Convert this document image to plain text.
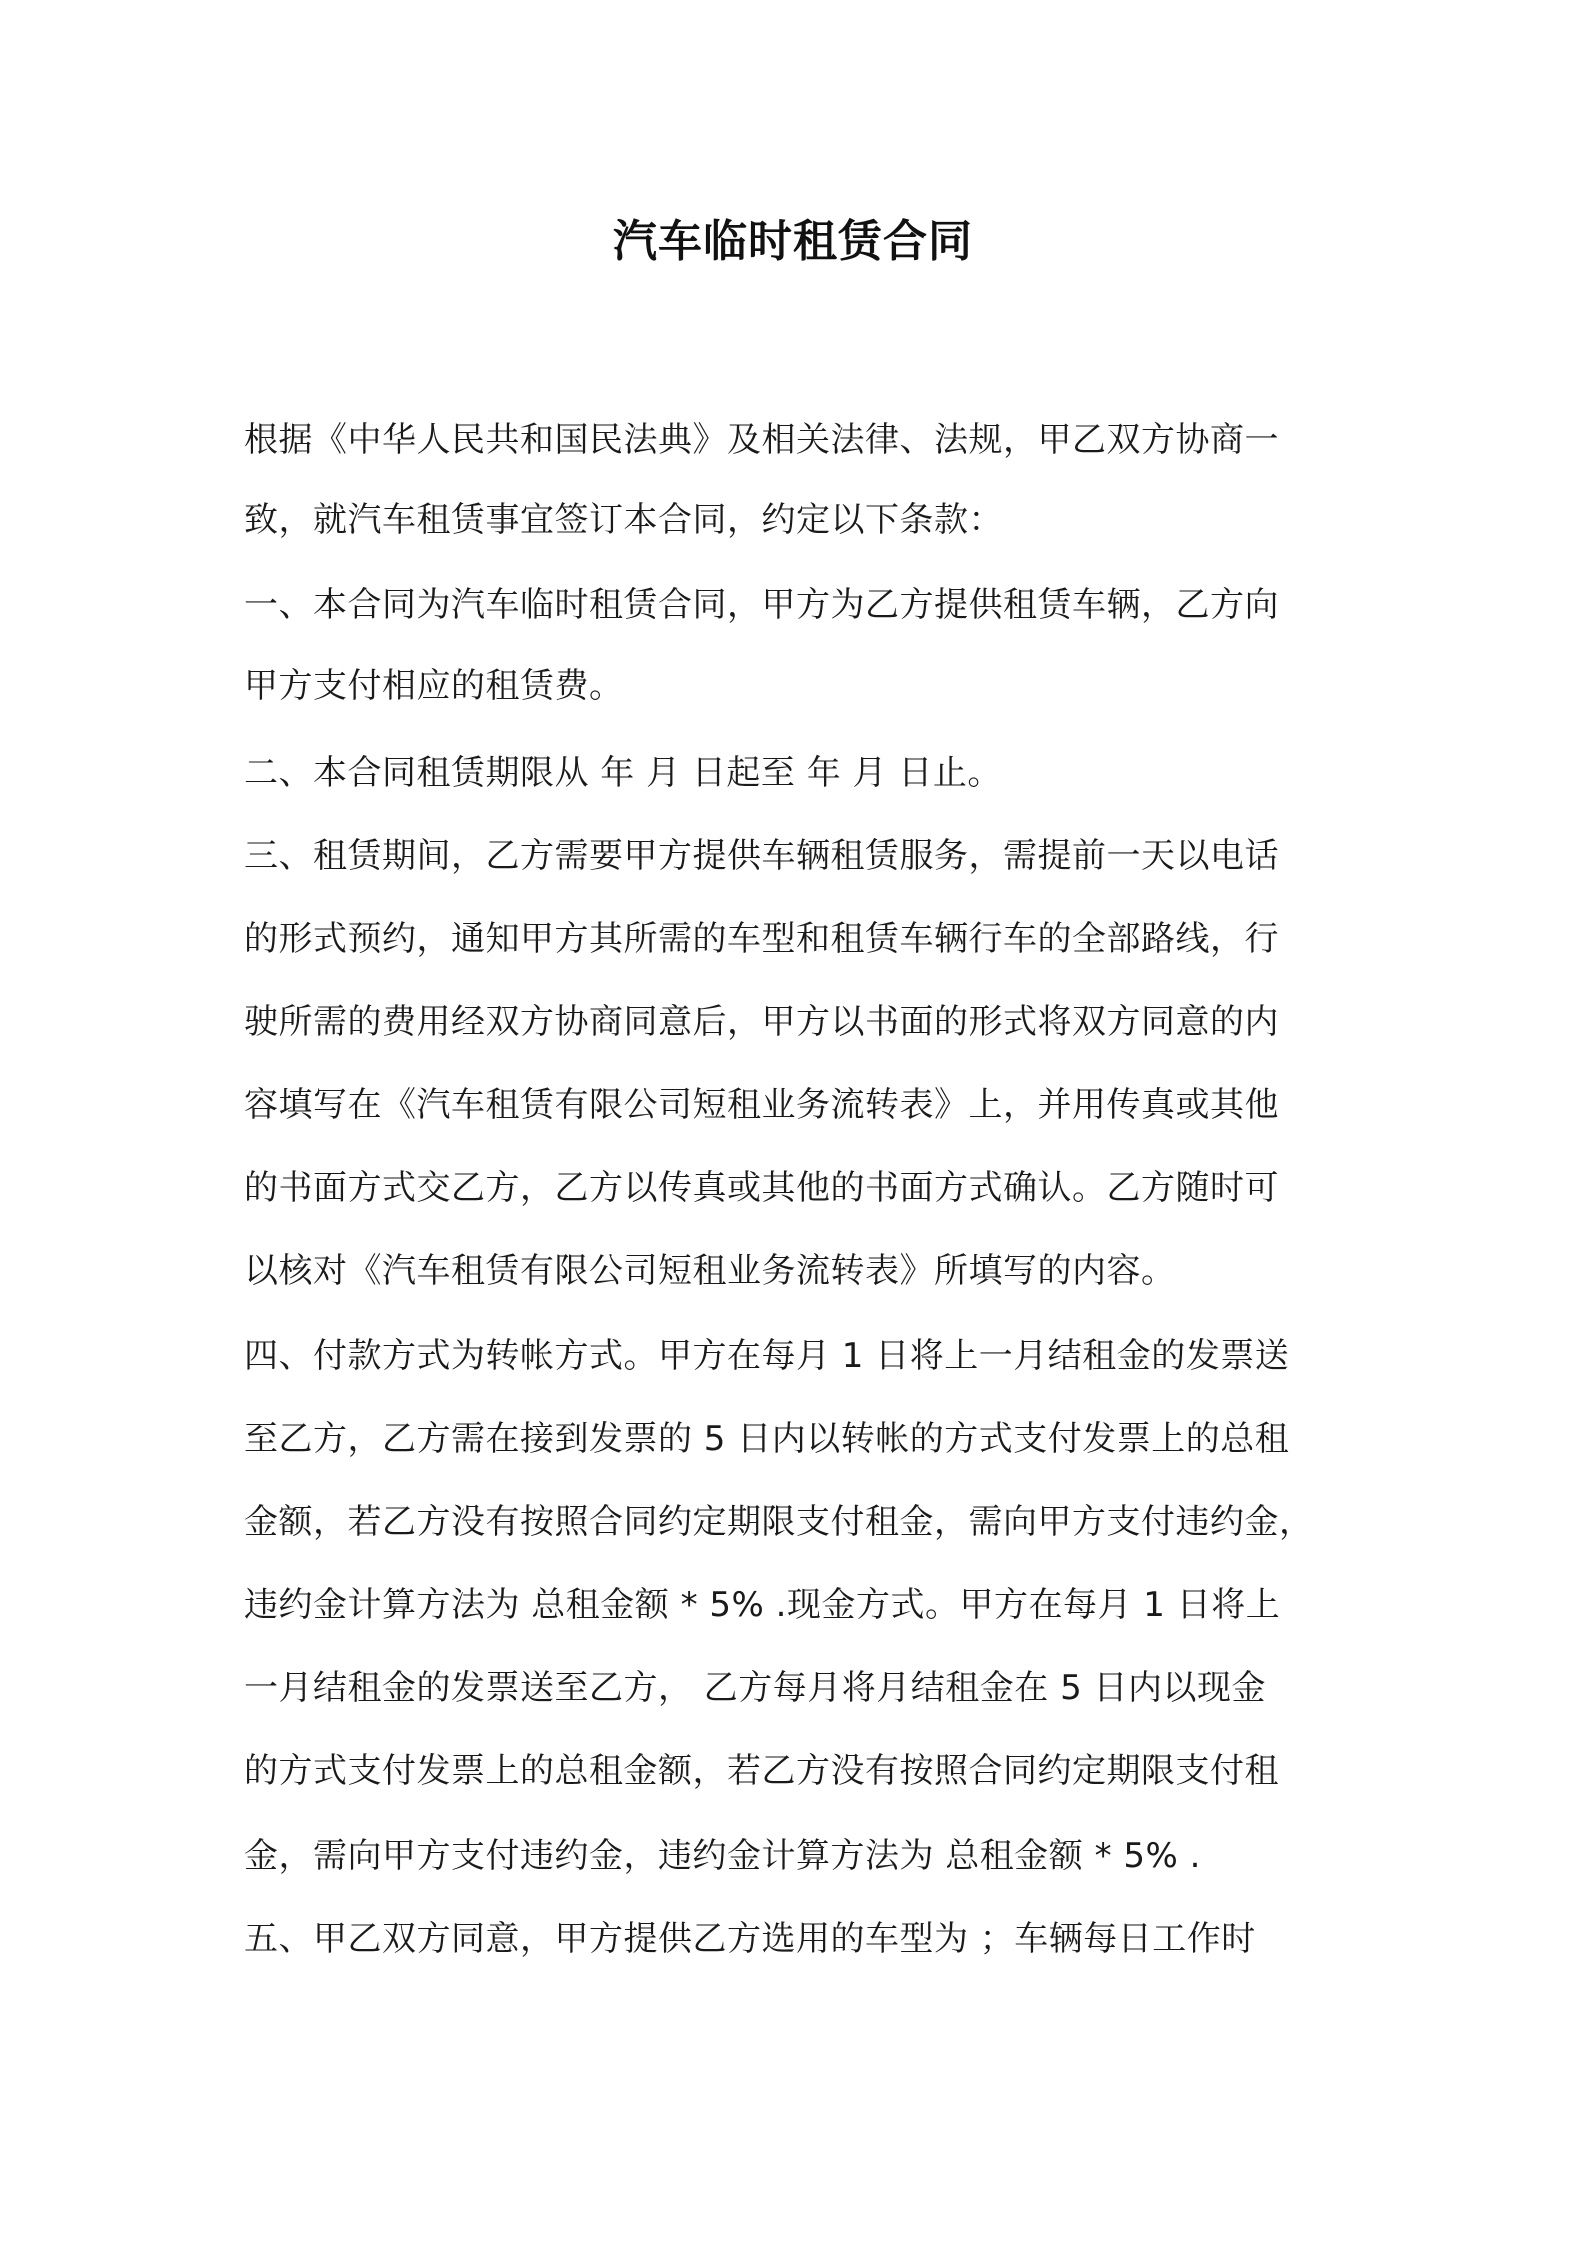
汽车临时租赁合同
根据《中华人民共和国民法典》及相关法律、法规，甲乙双方协商一
致，就汽车租赁事宜签订本合同，约定以下条款：
一、本合同为汽车临时租赁合同，甲方为乙方提供租赁车辆，乙方向
甲方支付相应的租赁费。
二、本合同租赁期限从 年 月 日起至 年 月 日止。
三、租赁期间，乙方需要甲方提供车辆租赁服务，需提前一天以电话
的形式预约，通知甲方其所需的车型和租赁车辆行车的全部路线，行
驶所需的费用经双方协商同意后，甲方以书面的形式将双方同意的内
容填写在《汽车租赁有限公司短租业务流转表》上，并用传真或其他
的书面方式交乙方，乙方以传真或其他的书面方式确认。乙方随时可
以核对《汽车租赁有限公司短租业务流转表》所填写的内容。
四、付款方式为转帐方式。甲方在每月 1 日将上一月结租金的发票送
至乙方，乙方需在接到发票的 5 日内以转帐的方式支付发票上的总租
金额，若乙方没有按照合同约定期限支付租金，需向甲方支付违约金，
违约金计算方法为 总租金额 * 5% .现金方式。甲方在每月 1 日将上
一月结租金的发票送至乙方， 乙方每月将月结租金在 5 日内以现金
的方式支付发票上的总租金额，若乙方没有按照合同约定期限支付租
金，需向甲方支付违约金，违约金计算方法为 总租金额 * 5% .
五、甲乙双方同意，甲方提供乙方选用的车型为 ；车辆每日工作时
